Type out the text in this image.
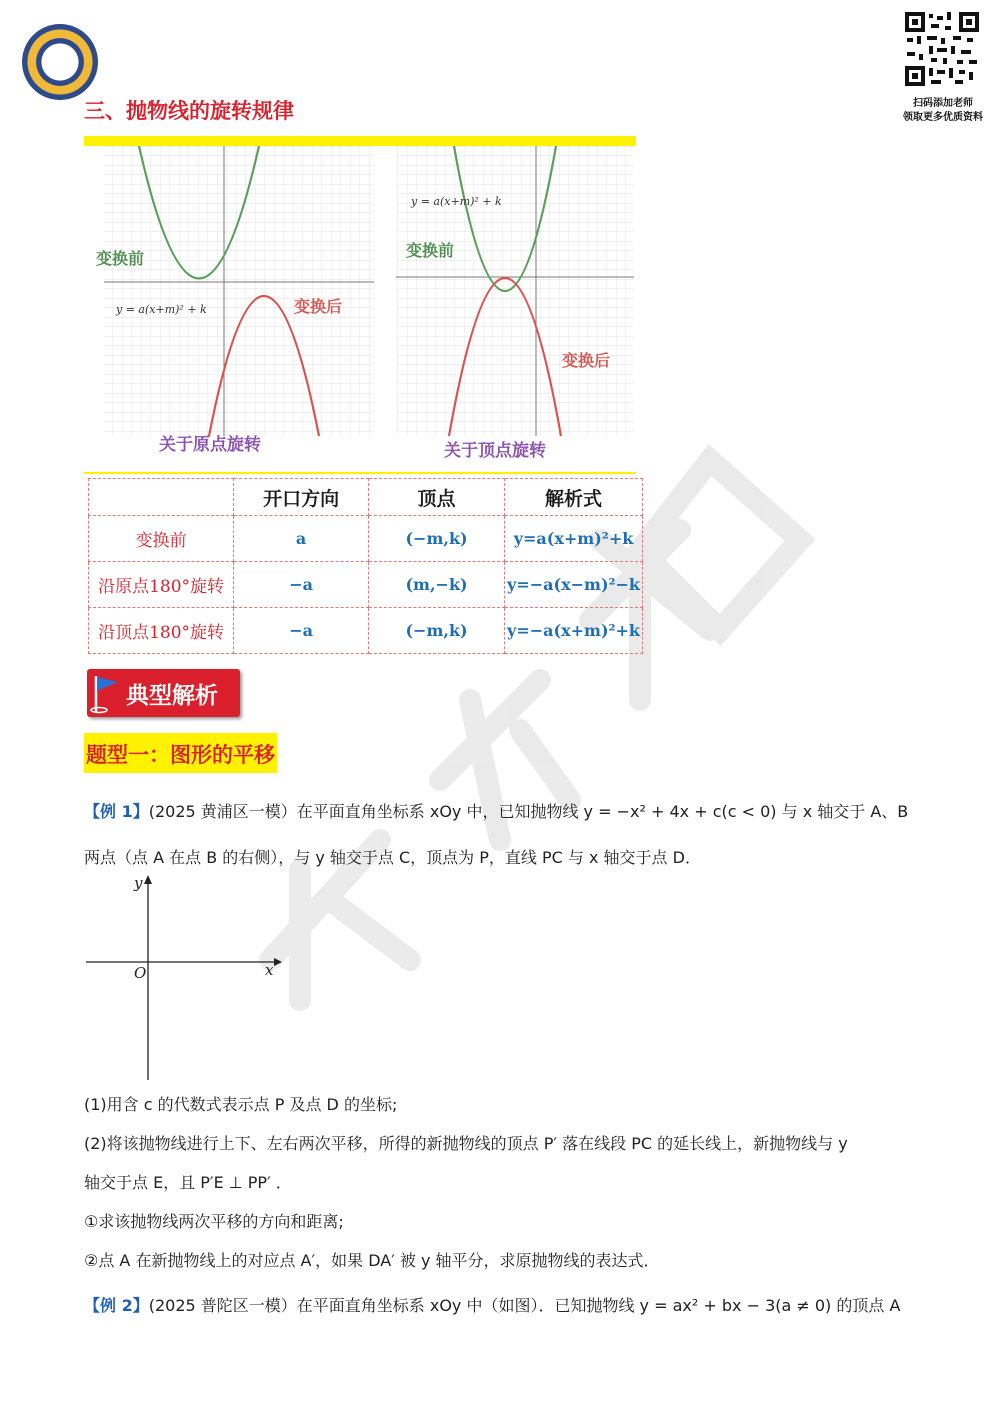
扫码添加老师
领取更多优质资料
三、抛物线的旋转规律
变换前
y = a(x+m)² + k	变换后
关于原点旋转
y = a(x+m)² + k
变换前
变换后
关于顶点旋转
	开口方向	顶点	解析式
变换前	a	(−m,k)	y=a(x+m)²+k
沿原点180°旋转	−a	(m,−k)	y=−a(x−m)²−k
沿顶点180°旋转	−a	(−m,k)	y=−a(x+m)²+k
典型解析
题型一：图形的平移
【例 1】(2025 黄浦区一模）在平面直角坐标系 xOy 中，已知抛物线 y = −x² + 4x + c(c < 0) 与 x 轴交于 A、B
两点（点 A 在点 B 的右侧），与 y 轴交于点 C，顶点为 P，直线 PC 与 x 轴交于点 D．
y
x
O
(1)用含 c 的代数式表示点 P 及点 D 的坐标;
(2)将该抛物线进行上下、左右两次平移，所得的新抛物线的顶点 P′ 落在线段 PC 的延长线上，新抛物线与 y
轴交于点 E，且 P′E ⊥ PP′ ．
①求该抛物线两次平移的方向和距离;
②点 A 在新抛物线上的对应点 A′，如果 DA′ 被 y 轴平分，求原抛物线的表达式．
【例 2】(2025 普陀区一模）在平面直角坐标系 xOy 中（如图）．已知抛物线 y = ax² + bx − 3(a ≠ 0) 的顶点 A
